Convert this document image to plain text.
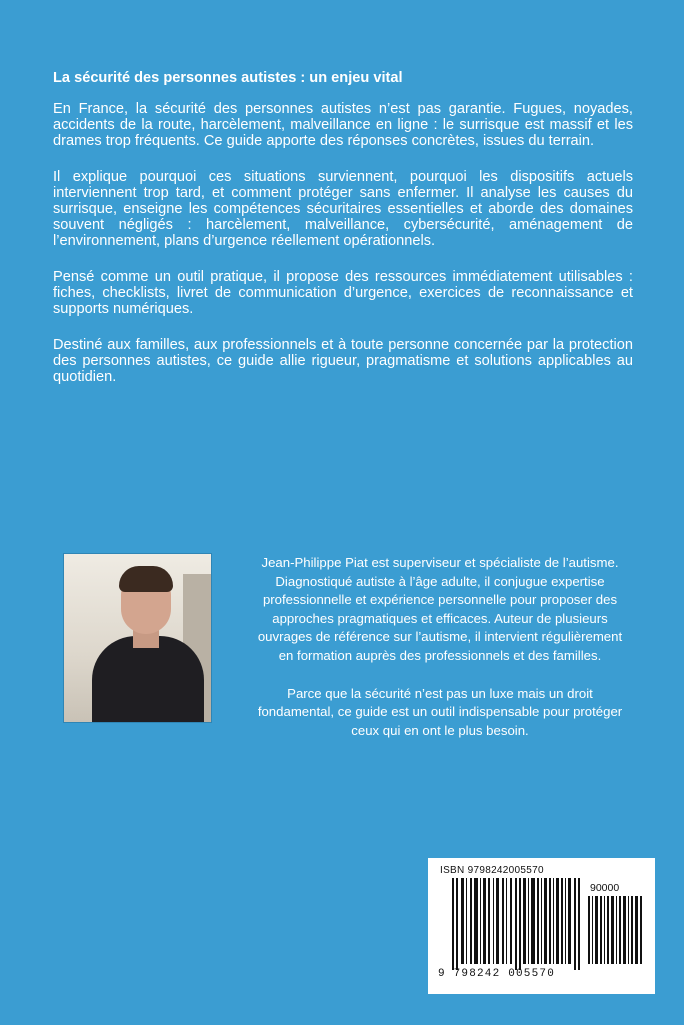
La sécurité des personnes autistes : un enjeu vital

En France, la sécurité des personnes autistes n’est pas garantie. Fugues, noyades, accidents de la route, harcèlement, malveillance en ligne : le surrisque est massif et les drames trop fréquents. Ce guide apporte des réponses concrètes, issues du terrain.

Il explique pourquoi ces situations surviennent, pourquoi les dispositifs actuels interviennent trop tard, et comment protéger sans enfermer. Il analyse les causes du surrisque, enseigne les compétences sécuritaires essentielles et aborde des domaines souvent négligés : harcèlement, malveillance, cybersécurité, aménagement de l’environnement, plans d’urgence réellement opérationnels.

Pensé comme un outil pratique, il propose des ressources immédiatement utilisables : fiches, checklists, livret de communication d’urgence, exercices de reconnaissance et supports numériques.

Destiné aux familles, aux professionnels et à toute personne concernée par la protection des personnes autistes, ce guide allie rigueur, pragmatisme et solutions applicables au quotidien.

Jean-Philippe Piat est superviseur et spécialiste de l’autisme. Diagnostiqué autiste à l’âge adulte, il conjugue expertise professionnelle et expérience personnelle pour proposer des approches pragmatiques et efficaces. Auteur de plusieurs ouvrages de référence sur l’autisme, il intervient régulièrement en formation auprès des professionnels et des familles.

Parce que la sécurité n’est pas un luxe mais un droit fondamental, ce guide est un outil indispensable pour protéger ceux qui en ont le plus besoin.

ISBN 9798242005570
90000
9 798242 005570
